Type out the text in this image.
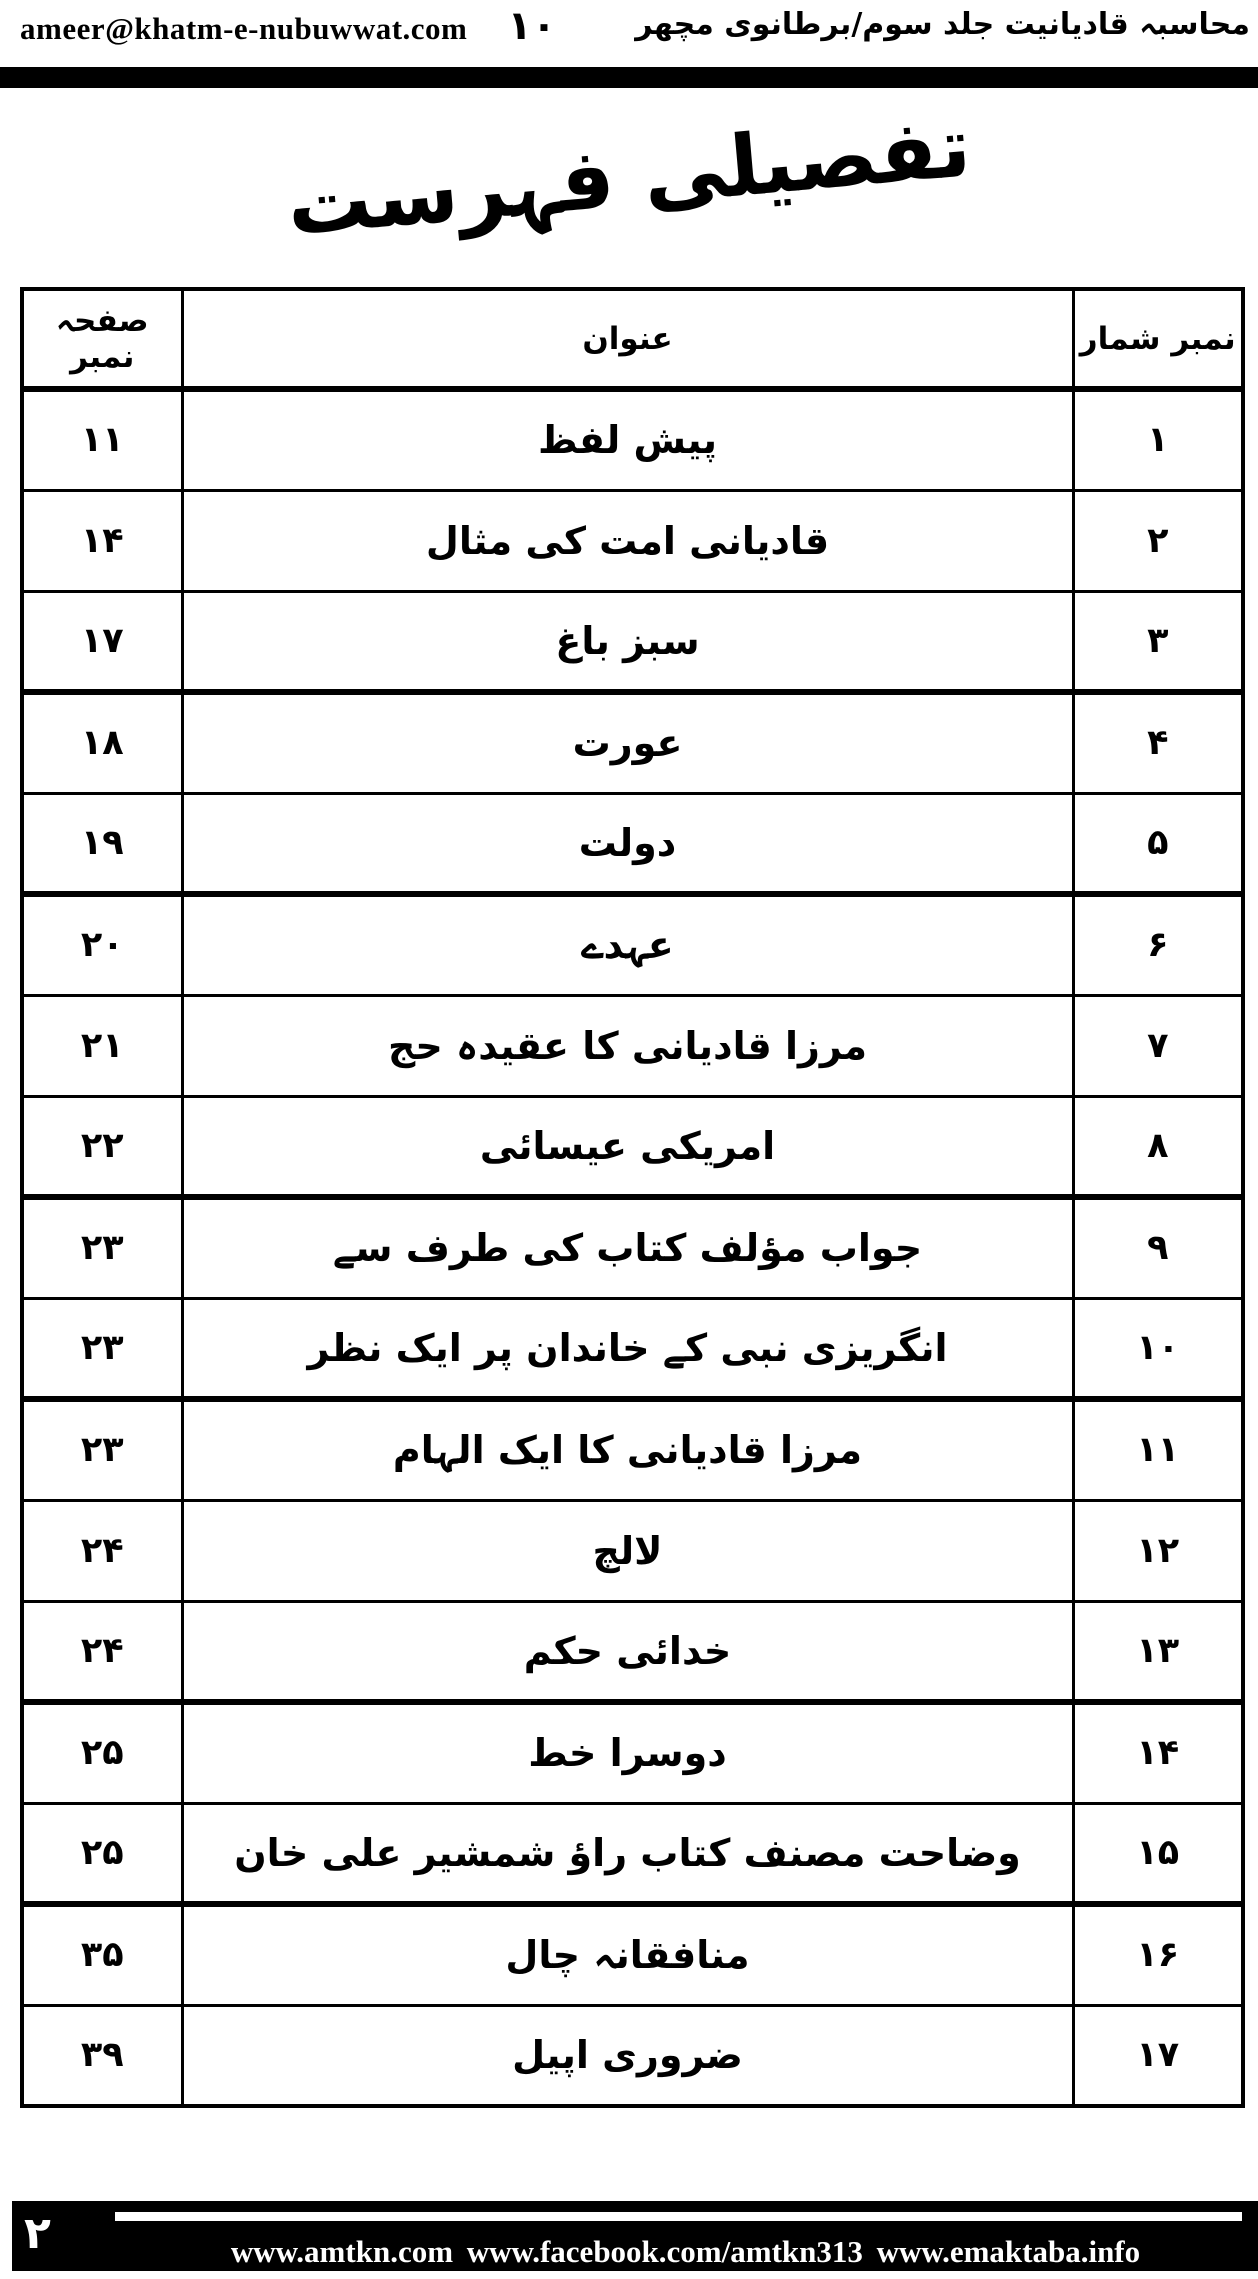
ameer@khatm-e-nubuwwat.com ۱۰	محاسبہ قادیانیت جلد سوم/برطانوی مچھر
تفصیلی فہرست
صفحہ نمبر	عنوان	نمبر شمار
۱۱	پیش لفظ	۱
۱۴	قادیانی امت کی مثال	۲
۱۷	سبز باغ	۳
۱۸	عورت	۴
۱۹	دولت	۵
۲۰	عہدے	۶
۲۱	مرزا قادیانی کا عقیدہ حج	۷
۲۲	امریکی عیسائی	۸
۲۳	جواب مؤلف کتاب کی طرف سے	۹
۲۳	انگریزی نبی کے خاندان پر ایک نظر	۱۰
۲۳	مرزا قادیانی کا ایک الہام	۱۱
۲۴	لالچ	۱۲
۲۴	خدائی حکم	۱۳
۲۵	دوسرا خط	۱۴
۲۵	وضاحت مصنف کتاب راؤ شمشیر علی خان	۱۵
۳۵	منافقانہ چال	۱۶
۳۹	ضروری اپیل	۱۷
۲	www.amtkn.com www.facebook.com/amtkn313 www.emaktaba.info
